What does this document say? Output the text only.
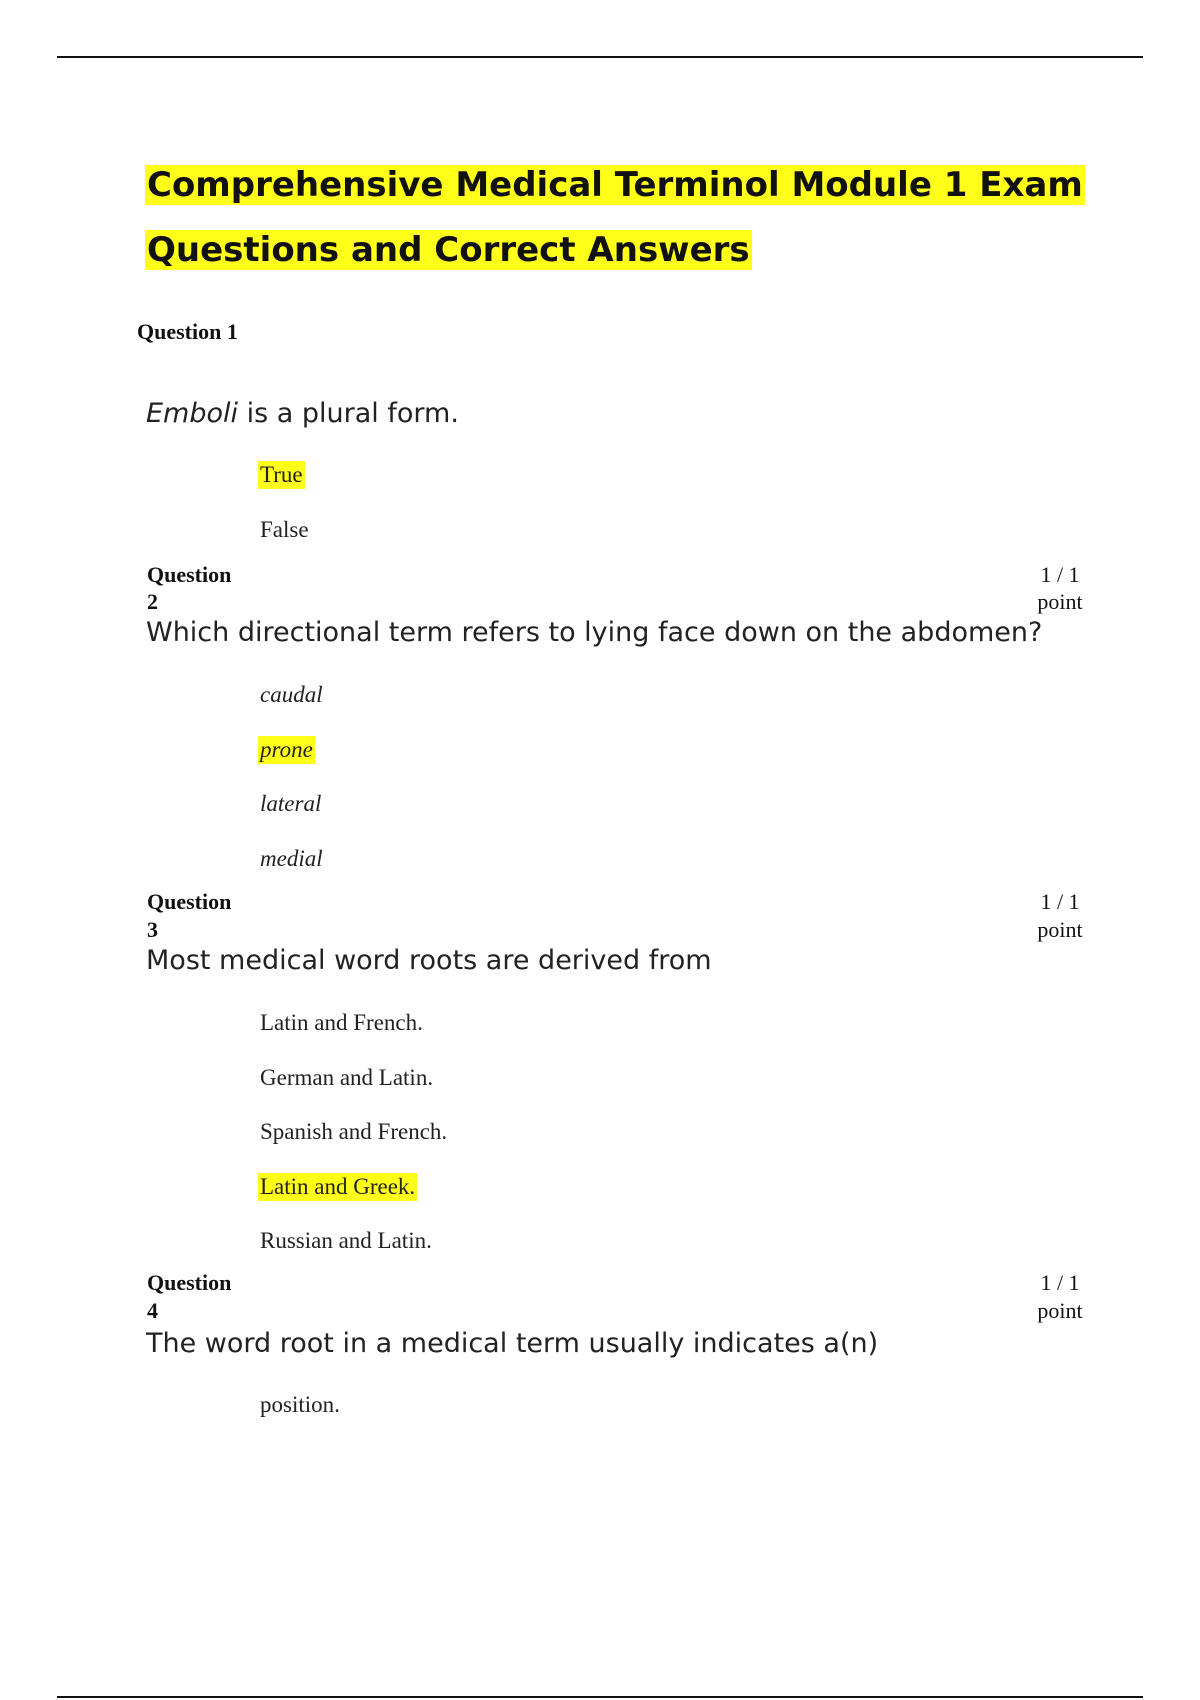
Comprehensive Medical Terminol Module 1 Exam
Questions and Correct Answers
Question 1
Emboli is a plural form.
True
False
Question
2
1 / 1
point
Which directional term refers to lying face down on the abdomen?
caudal
prone
lateral
medial
Question
3
1 / 1
point
Most medical word roots are derived from
Latin and French.
German and Latin.
Spanish and French.
Latin and Greek.
Russian and Latin.
Question
4
1 / 1
point
The word root in a medical term usually indicates a(n)
position.
